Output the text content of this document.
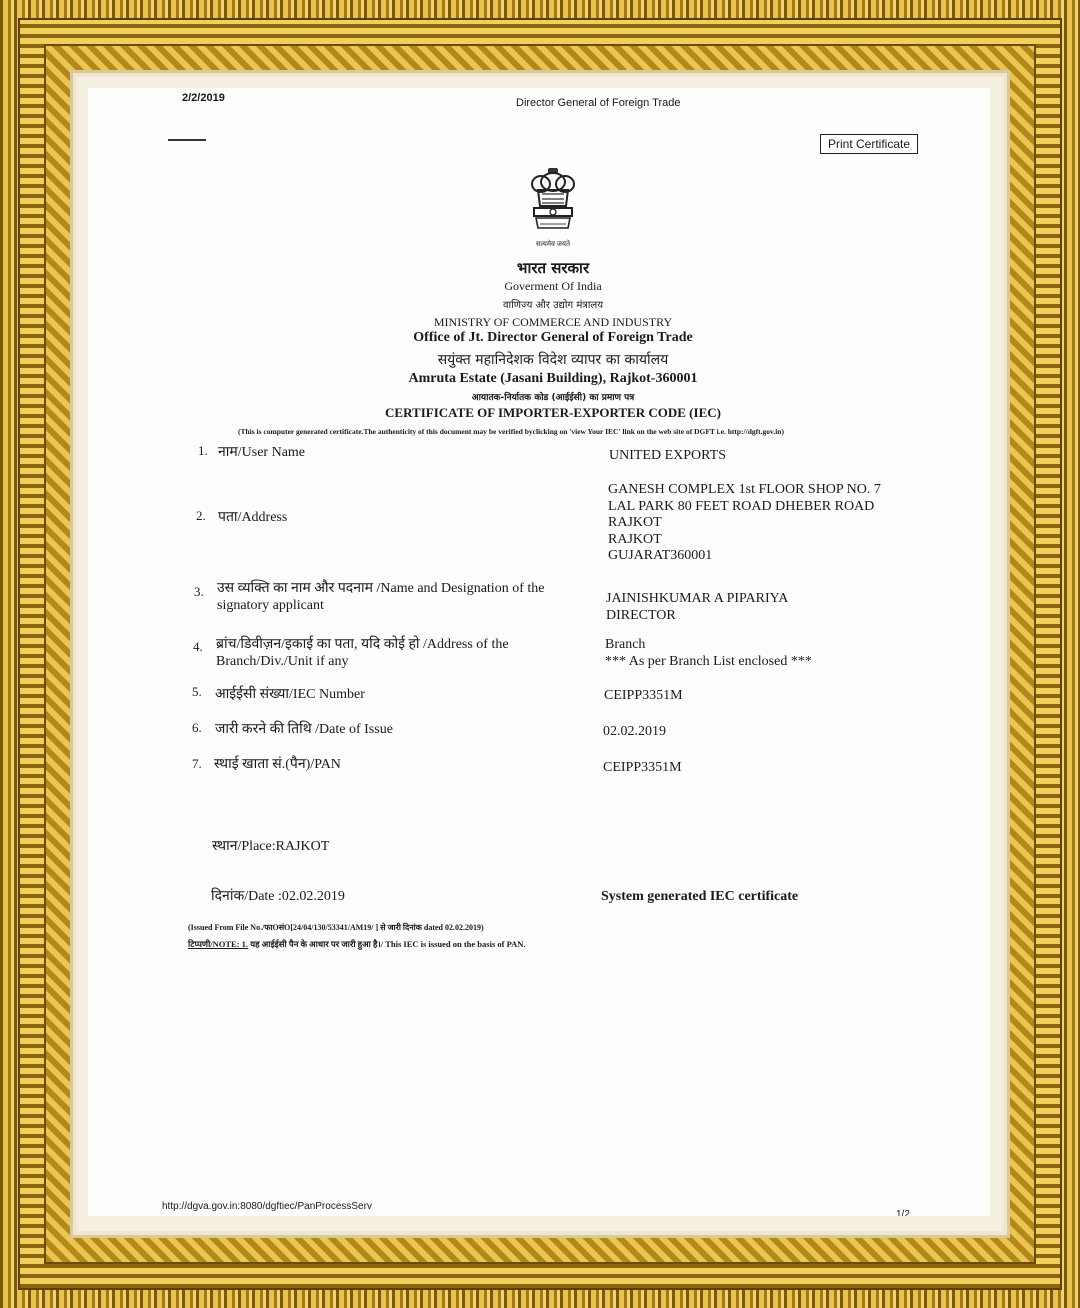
2/2/2019	Director General of Foreign Trade
Print Certificate
सत्यमेव जयते
भारत सरकार
Goverment Of India
वाणिज्य और उद्योग मंत्रालय
MINISTRY OF COMMERCE AND INDUSTRY
Office of Jt. Director General of Foreign Trade
सयुंक्त महानिदेशक विदेश व्यापर का कार्यालय
Amruta Estate (Jasani Building), Rajkot-360001
आयातक-निर्यातक कोड (आईईसी) का प्रमाण पत्र
CERTIFICATE OF IMPORTER-EXPORTER CODE (IEC)
(This is computer generated certificate.The authenticity of this document may be verified byclicking on 'view Your IEC' link on the web site of DGFT i.e. http://dgft.gov.in)
1. नाम/User Name	UNITED EXPORTS
2. पता/Address
GANESH COMPLEX 1st FLOOR SHOP NO. 7
LAL PARK 80 FEET ROAD DHEBER ROAD
RAJKOT
RAJKOT
GUJARAT360001
3. उस व्यक्ति का नाम और पदनाम /Name and Designation of the signatory applicant	JAINISHKUMAR A PIPARIYA
DIRECTOR
4. ब्रांच/डिवीज़न/इकाई का पता, यदि कोई हो /Address of the Branch/Div./Unit if any
Branch
*** As per Branch List enclosed ***
5. आईईसी संख्या/IEC Number	CEIPP3351M
6. जारी करने की तिथि /Date of Issue	02.02.2019
7. स्थाई खाता सं.(पैन)/PAN	CEIPP3351M
स्थान/Place:RAJKOT
दिनांक/Date :02.02.2019	System generated IEC certificate
(Issued From File No./फाOसंO[24/04/130/53341/AM19/ ] से जारी दिनांक dated 02.02.2019)
टिप्पणी/NOTE: 1. यह आईईसी पैन के आधार पर जारी हुआ है।/ This IEC is issued on the basis of PAN.
http://dgva.gov.in:8080/dgftiec/PanProcessServ
1/2
